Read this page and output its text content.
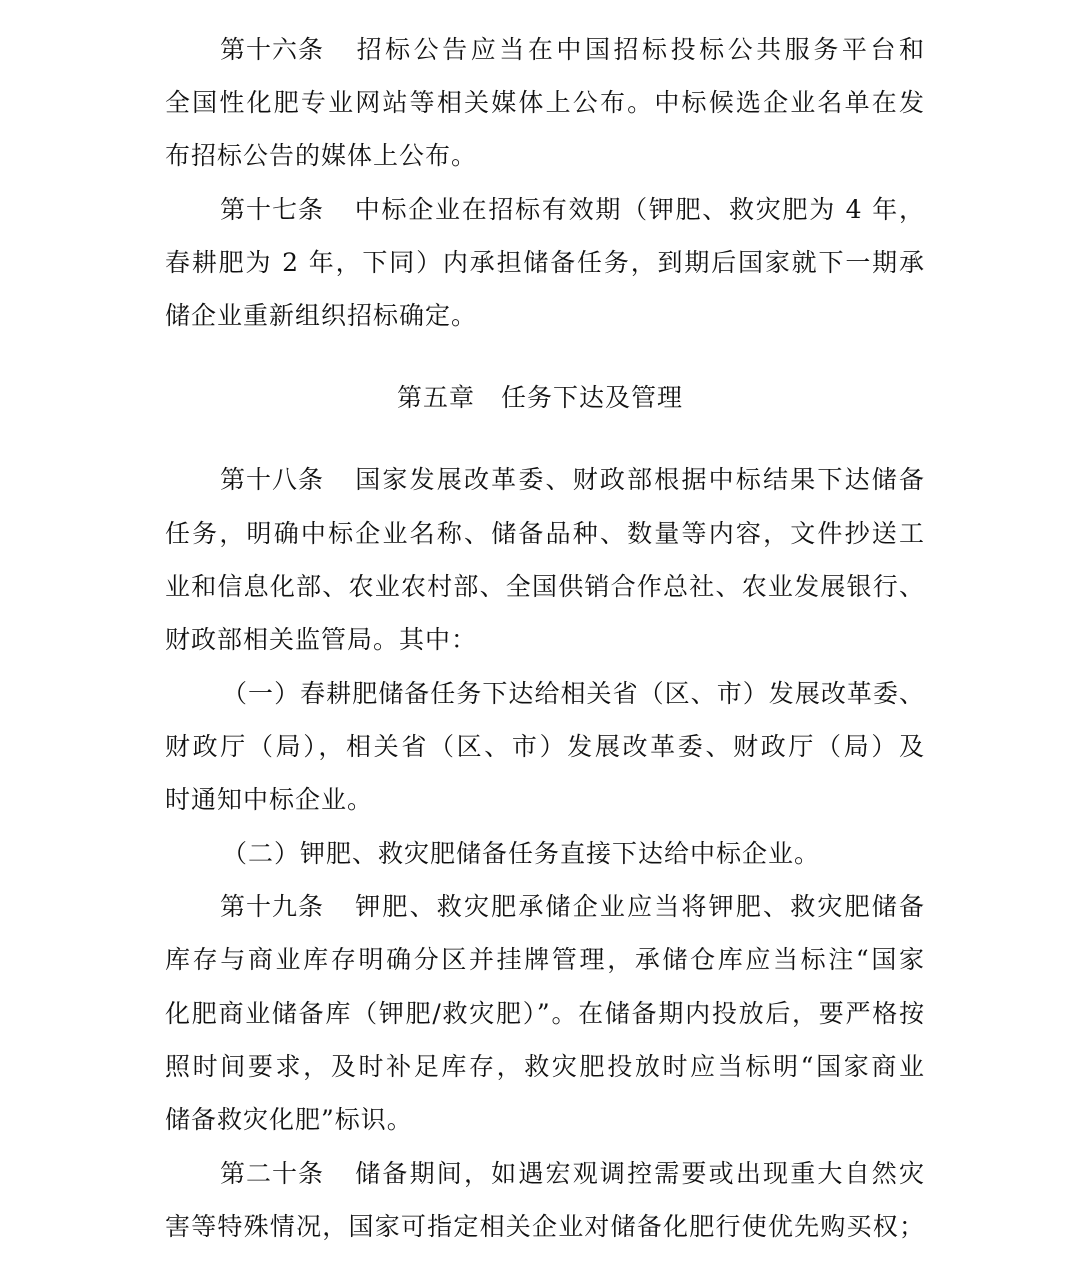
第十六条 招标公告应当在中国招标投标公共服务平台和
全国性化肥专业网站等相关媒体上公布。中标候选企业名单在发
布招标公告的媒体上公布。
第十七条 中标企业在招标有效期（钾肥、救灾肥为 4 年，
春耕肥为 2 年，下同）内承担储备任务，到期后国家就下一期承
储企业重新组织招标确定。
第五章　任务下达及管理
第十八条 国家发展改革委、财政部根据中标结果下达储备
任务，明确中标企业名称、储备品种、数量等内容，文件抄送工
业和信息化部、农业农村部、全国供销合作总社、农业发展银行、
财政部相关监管局。其中：
（一）春耕肥储备任务下达给相关省（区、市）发展改革委、
财政厅（局），相关省（区、市）发展改革委、财政厅（局）及
时通知中标企业。
（二）钾肥、救灾肥储备任务直接下达给中标企业。
第十九条 钾肥、救灾肥承储企业应当将钾肥、救灾肥储备
库存与商业库存明确分区并挂牌管理，承储仓库应当标注“国家
化肥商业储备库（钾肥/救灾肥）”。在储备期内投放后，要严格按
照时间要求，及时补足库存，救灾肥投放时应当标明“国家商业
储备救灾化肥”标识。
第二十条 储备期间，如遇宏观调控需要或出现重大自然灾
害等特殊情况，国家可指定相关企业对储备化肥行使优先购买权；
